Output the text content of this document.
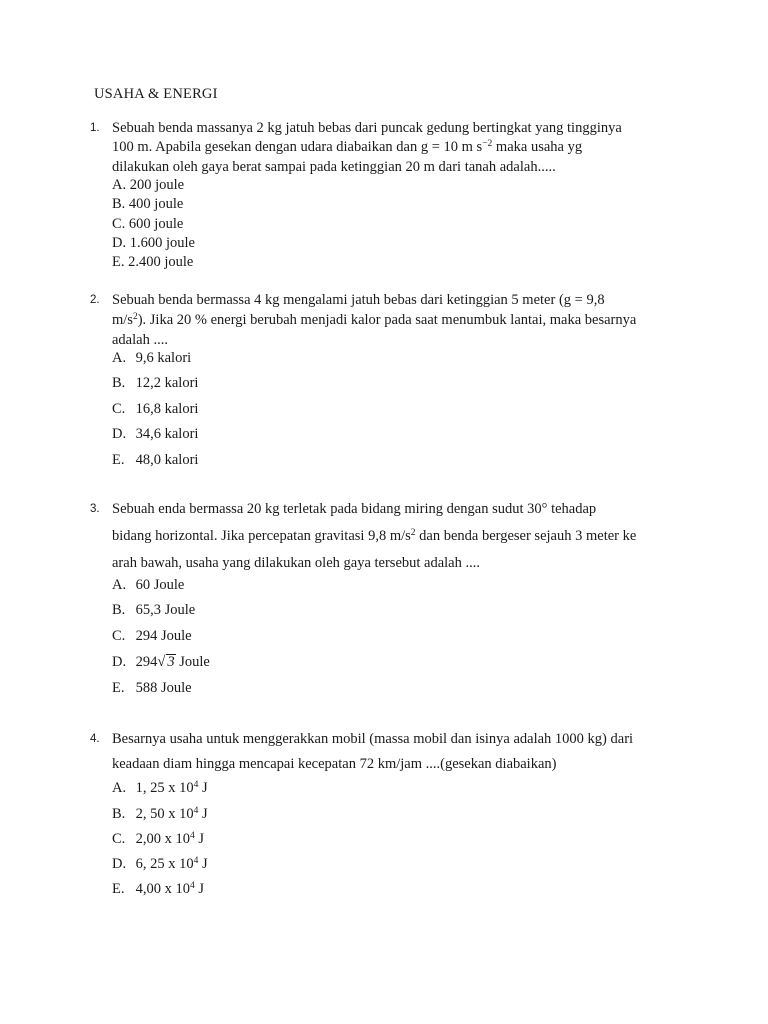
USAHA & ENERGI
1. Sebuah benda massanya 2 kg jatuh bebas dari puncak gedung bertingkat yang tingginya
100 m. Apabila gesekan dengan udara diabaikan dan g = 10 m $s^{-2}$ maka usaha yg
dilakukan oleh gaya berat sampai pada ketinggian 20 m dari tanah adalah.....
A. 200 joule
B. 400 joule
C. 600 joule
D. 1.600 joule
E. 2.400 joule
2. Sebuah benda bermassa 4 kg mengalami jatuh bebas dari ketinggian 5 meter (g = 9,8
$m/s^2$). Jika 20 % energi berubah menjadi kalor pada saat menumbuk lantai, maka besarnya
adalah ....
A. 9,6 kalori
B. 12,2 kalori
C. 16,8 kalori
D. 34,6 kalori
E. 48,0 kalori
3. Sebuah enda bermassa 20 kg terletak pada bidang miring dengan sudut 30° tehadap
bidang horizontal. Jika percepatan gravitasi 9,8 $m/s^2$ dan benda bergeser sejauh 3 meter ke
arah bawah, usaha yang dilakukan oleh gaya tersebut adalah ....
A. 60 Joule
B. 65,3 Joule
C. 294 Joule
D. 294√ 3 Joule
E. 588 Joule
4. Besarnya usaha untuk menggerakkan mobil (massa mobil dan isinya adalah 1000 kg) dari
keadaan diam hingga mencapai kecepatan 72 km/jam ....(gesekan diabaikan)
A. 1, 25 x $10^4$ J
B. 2, 50 x $10^4$ J
C. 2,00 x $10^4$ J
D. 6, 25 x $10^4$ J
E. 4,00 x $10^4$ J
